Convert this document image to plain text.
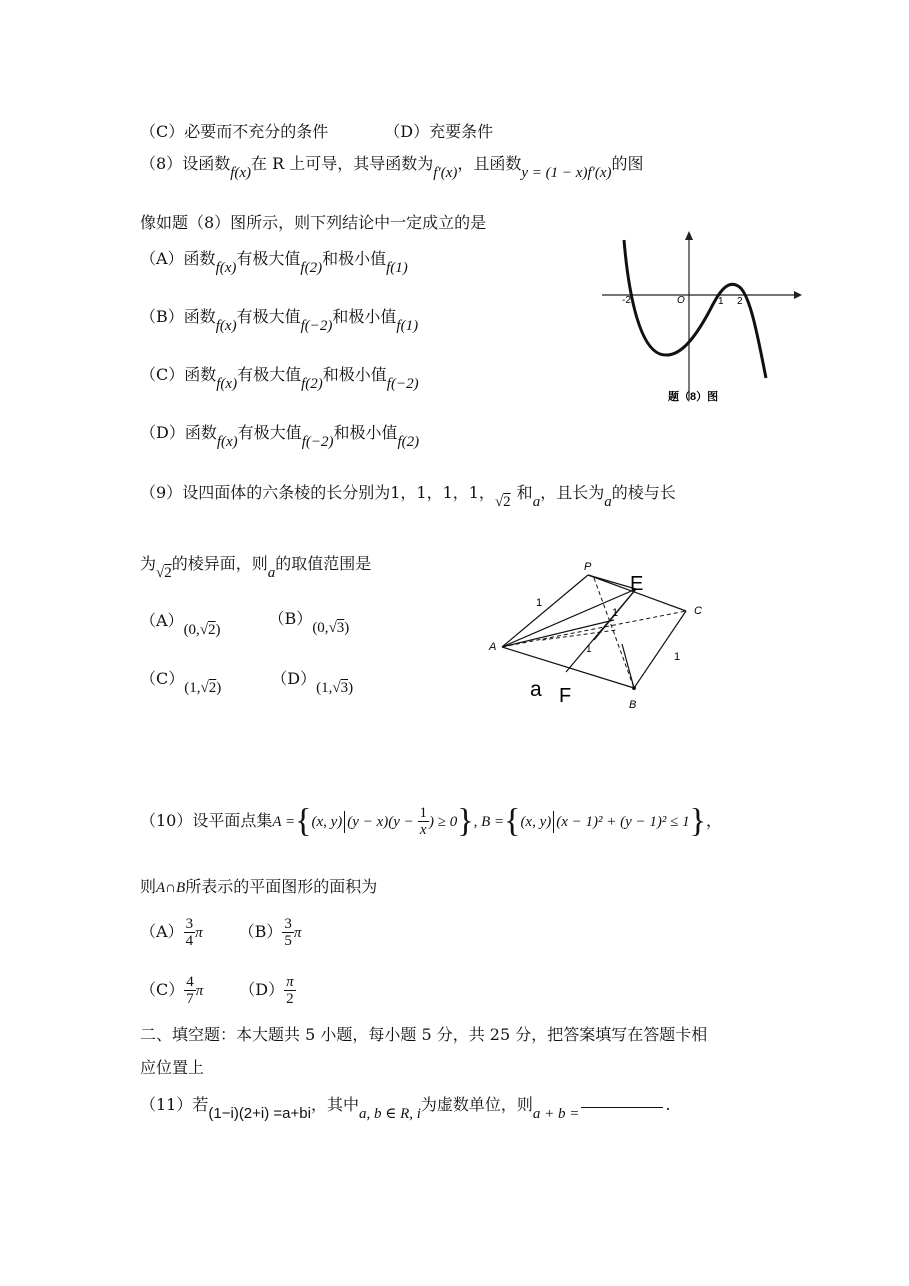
（C）必要而不充分的条件	（D）充要条件
（8）设函数f(x)在 R 上可导，其导函数为f′(x)，且函数y = (1 − x)f′(x)的图
像如题（8）图所示，则下列结论中一定成立的是
（A）函数f(x)有极大值f(2)和极小值f(1)
（B）函数f(x)有极大值f(−2)和极小值f(1)
（C）函数f(x)有极大值f(2)和极小值f(−2)
（D）函数f(x)有极大值f(−2)和极小值f(2)
-2	O	1 2
题（8）图
（9）设四面体的六条棱的长分别为1，1，1，1，√2 和a，且长为a的棱与长
为√2的棱异面，则a的取值范围是
（A）(0,√2)（B）(0,√3)
（C）(1,√2)	（D）(1,√3)
P
E
C
A
B
F
a
1
1
1
1
（10）设平面点集A ={(x, y) $(y - x)(y - \frac{1}{x}$ ) ≥ 0}, B ={(x, y) (x − 1)² + (y − 1)² ≤ 1}，
则A∩B所表示的平面图形的面积为
$(A) \frac{3}{4}$ π $(B) \frac{3}{5}$ π
$(C) \frac{4}{7}$ π $(D) \frac{\pi}{2}$
二、填空题：本大题共 5 小题，每小题 5 分，共 25 分，把答案填写在答题卡相
应位置上
（11）若(1−i)(2+i) =a+bi，其中a, b ∈ R, i为虚数单位，则a + b =	.
